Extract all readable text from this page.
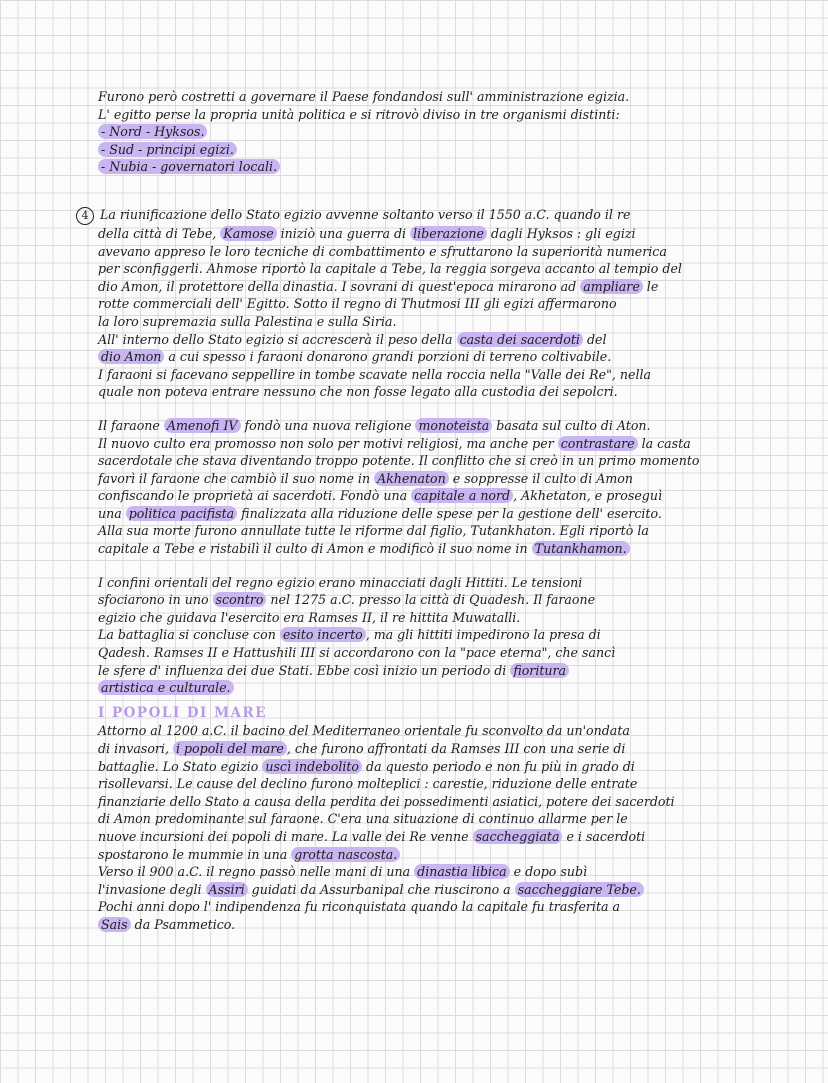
Furono però costretti a governare il Paese fondandosi sull' amministrazione egizia.
L' egitto perse la propria unità politica e si ritrovò diviso in tre organismi distinti:
- Nord - Hyksos.
- Sud - principi egizi.
- Nubia - governatori locali.
4 La riunificazione dello Stato egizio avvenne soltanto verso il 1550 a.C. quando il re
della città di Tebe, Kamose iniziò una guerra di liberazione dagli Hyksos : gli egizi
avevano appreso le loro tecniche di combattimento e sfruttarono la superiorità numerica
per sconfiggerli. Ahmose riportò la capitale a Tebe, la reggia sorgeva accanto al tempio del
dio Amon, il protettore della dinastia. I sovrani di quest'epoca mirarono ad ampliare le
rotte commerciali dell' Egitto. Sotto il regno di Thutmosi III gli egizi affermarono
la loro supremazia sulla Palestina e sulla Siria.
All' interno dello Stato egizio si accrescerà il peso della casta dei sacerdoti del
dio Amon a cui spesso i faraoni donarono grandi porzioni di terreno coltivabile.
I faraoni si facevano seppellire in tombe scavate nella roccia nella "Valle dei Re", nella
quale non poteva entrare nessuno che non fosse legato alla custodia dei sepolcri.
Il faraone Amenofi IV fondò una nuova religione monoteista basata sul culto di Aton.
Il nuovo culto era promosso non solo per motivi religiosi, ma anche per contrastare la casta
sacerdotale che stava diventando troppo potente. Il conflitto che si creò in un primo momento
favorì il faraone che cambiò il suo nome in Akhenaton e soppresse il culto di Amon
confiscando le proprietà ai sacerdoti. Fondò una capitale a nord , Akhetaton, e proseguì
una politica pacifista finalizzata alla riduzione delle spese per la gestione dell' esercito.
Alla sua morte furono annullate tutte le riforme dal figlio, Tutankhaton. Egli riportò la
capitale a Tebe e ristabilì il culto di Amon e modificò il suo nome in Tutankhamon.
I confini orientali del regno egizio erano minacciati dagli Hittiti. Le tensioni
sfociarono in uno scontro nel 1275 a.C. presso la città di Quadesh. Il faraone
egizio che guidava l'esercito era Ramses II, il re hittita Muwatalli.
La battaglia si concluse con esito incerto , ma gli hittiti impedirono la presa di
Qadesh. Ramses II e Hattushili III si accordarono con la "pace eterna", che sancì
le sfere d' influenza dei due Stati. Ebbe così inizio un periodo di fioritura
artistica e culturale.
I POPOLI DI MARE
Attorno al 1200 a.C. il bacino del Mediterraneo orientale fu sconvolto da un'ondata
di invasori, i popoli del mare , che furono affrontati da Ramses III con una serie di
battaglie. Lo Stato egizio uscì indebolito da questo periodo e non fu più in grado di
risollevarsi. Le cause del declino furono molteplici : carestie, riduzione delle entrate
finanziarie dello Stato a causa della perdita dei possedimenti asiatici, potere dei sacerdoti
di Amon predominante sul faraone. C'era una situazione di continuo allarme per le
nuove incursioni dei popoli di mare. La valle dei Re venne saccheggiata e i sacerdoti
spostarono le mummie in una grotta nascosta.
Verso il 900 a.C. il regno passò nelle mani di una dinastia libica e dopo subì
l'invasione degli Assiri guidati da Assurbanipal che riuscirono a saccheggiare Tebe.
Pochi anni dopo l' indipendenza fu riconquistata quando la capitale fu trasferita a
Sais da Psammetico.
